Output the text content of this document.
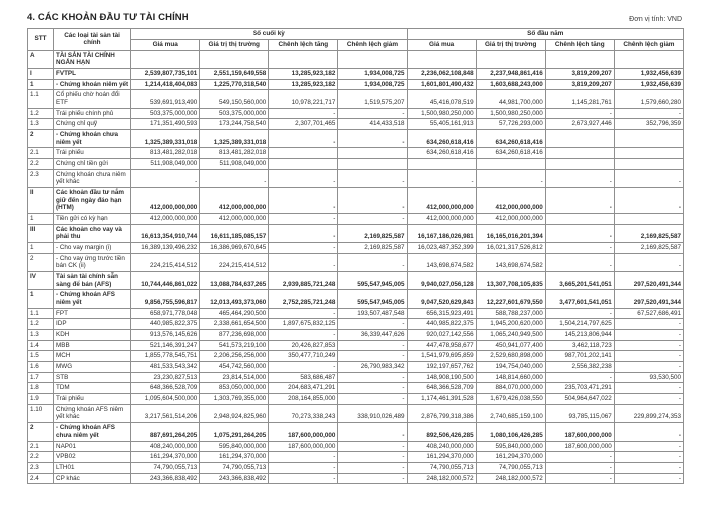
4. CÁC KHOẢN ĐẦU TƯ TÀI CHÍNH	Đơn vị tính: VND
STT	Các loại tài sản tài chính	Số cuối kỳ				Số đầu năm			
		Giá mua	Giá trị thị trường	Chênh lệch tăng	Chênh lệch giảm	Giá mua	Giá trị thị trường	Chênh lệch tăng	Chênh lệch giảm
A	TÀI SẢN TÀI CHÍNH NGẮN HẠN								
I	FVTPL	2,539,807,735,101	2,551,159,649,558	13,285,923,182	1,934,008,725	2,236,062,108,848	2,237,948,861,416	3,819,209,207	1,932,456,639
1	- Chứng khoán niêm yết	1,214,418,404,083	1,225,770,318,540	13,285,923,182	1,934,008,725	1,601,801,490,432	1,603,688,243,000	3,819,209,207	1,932,456,639
1.1	Cổ phiếu chờ hoán đổi ETF	539,691,913,490	549,150,560,000	10,978,221,717	1,519,575,207	45,416,078,519	44,981,700,000	1,145,281,761	1,579,660,280
1.2	Trái phiếu chính phủ	503,375,000,000	503,375,000,000	-	-	1,500,980,250,000	1,500,980,250,000	-	-
1.3	Chứng chỉ quỹ	171,351,490,593	173,244,758,540	2,307,701,465	414,433,518	55,405,161,913	57,726,293,000	2,673,927,446	352,796,359
2	- Chứng khoán chưa niêm yết	1,325,389,331,018	1,325,389,331,018	-	-	634,260,618,416	634,260,618,416		
2.1	Trái phiếu	813,481,282,018	813,481,282,018			634,260,618,416	634,260,618,416		
2.2	Chứng chỉ tiền gửi	511,908,049,000	511,908,049,000						
2.3	Chứng khoán chưa niêm yết khác	-	-	-	-	-	-	-	-
II	Các khoản đầu tư nắm giữ đến ngày đáo hạn (HTM)	412,000,000,000	412,000,000,000	-	-	412,000,000,000	412,000,000,000	-	-
1	Tiền gửi có kỳ hạn	412,000,000,000	412,000,000,000	-	-	412,000,000,000	412,000,000,000		
III	Các khoản cho vay và phải thu	16,613,354,910,744	16,611,185,085,157	-	2,169,825,587	16,167,186,026,981	16,165,016,201,394	-	2,169,825,587
1	- Cho vay margin (i)	16,389,139,496,232	16,386,969,670,645	-	2,169,825,587	16,023,487,352,399	16,021,317,526,812	-	2,169,825,587
2	- Cho vay ứng trước tiền bán CK (ii)	224,215,414,512	224,215,414,512	-	-	143,698,674,582	143,698,674,582	-	-
IV	Tài sản tài chính sẵn sàng để bán (AFS)	10,744,446,861,022	13,088,784,637,265	2,939,885,721,248	595,547,945,005	9,940,027,056,128	13,307,708,105,835	3,665,201,541,051	297,520,491,344
1	- Chứng khoán AFS niêm yết	9,856,755,596,817	12,013,493,373,060	2,752,285,721,248	595,547,945,005	9,047,520,629,843	12,227,601,679,550	3,477,601,541,051	297,520,491,344
1.1	FPT	658,971,778,048	465,464,290,500	-	193,507,487,548	656,315,923,491	588,788,237,000	-	67,527,686,491
1.2	IDP	440,985,822,375	2,338,661,654,500	1,897,675,832,125	-	440,985,822,375	1,945,200,620,000	1,504,214,797,625	-
1.3	KDH	913,576,145,626	877,236,698,000	-	36,339,447,626	920,027,142,556	1,065,240,949,500	145,213,806,944	-
1.4	MBB	521,146,391,247	541,573,219,100	20,426,827,853	-	447,478,958,677	450,941,077,400	3,462,118,723	-
1.5	MCH	1,855,778,545,751	2,206,256,256,000	350,477,710,249	-	1,541,979,695,859	2,529,680,898,000	987,701,202,141	-
1.6	MWG	481,533,543,342	454,742,560,000	-	26,790,983,342	192,197,657,762	194,754,040,000	2,556,382,238	-
1.7	STB	23,230,827,513	23,814,514,000	583,686,487	-	148,908,190,500	148,814,660,000	-	93,530,500
1.8	TDM	648,366,528,709	853,050,000,000	204,683,471,291	-	648,366,528,709	884,070,000,000	235,703,471,291	-
1.9	Trái phiếu	1,095,604,500,000	1,303,769,355,000	208,164,855,000	-	1,174,461,391,528	1,679,426,038,550	504,964,647,022	-
1.10	Chứng khoán AFS niêm yết khác	3,217,561,514,206	2,948,924,825,960	70,273,338,243	338,910,026,489	2,876,799,318,386	2,740,685,159,100	93,785,115,067	229,899,274,353
2	- Chứng khoán AFS chưa niêm yết	887,691,264,205	1,075,291,264,205	187,600,000,000	-	892,506,426,285	1,080,106,426,285	187,600,000,000	-
2.1	NAP01	408,240,000,000	595,840,000,000	187,600,000,000	-	408,240,000,000	595,840,000,000	187,600,000,000	-
2.2	VPB02	161,294,370,000	161,294,370,000	-	-	161,294,370,000	161,294,370,000	-	-
2.3	LTH01	74,790,055,713	74,790,055,713	-	-	74,790,055,713	74,790,055,713	-	-
2.4	CP khác	243,366,838,492	243,366,838,492	-	-	248,182,000,572	248,182,000,572	-	-
